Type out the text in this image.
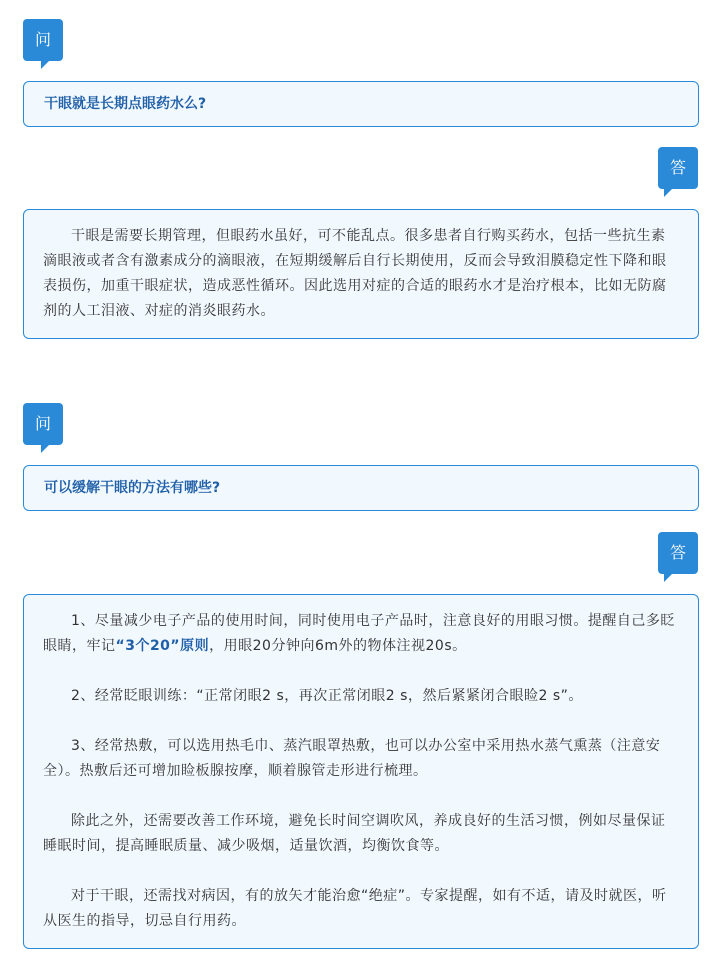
问
干眼就是长期点眼药水么?
答

干眼是需要长期管理，但眼药水虽好，可不能乱点。很多患者自行购买药水，包括一些抗生素滴眼液或者含有激素成分的滴眼液，在短期缓解后自行长期使用，反而会导致泪膜稳定性下降和眼表损伤，加重干眼症状，造成恶性循环。因此选用对症的合适的眼药水才是治疗根本，比如无防腐剂的人工泪液、对症的消炎眼药水。

问
可以缓解干眼的方法有哪些?
答

1、尽量减少电子产品的使用时间，同时使用电子产品时，注意良好的用眼习惯。提醒自己多眨眼睛，牢记“3个20”原则，用眼20分钟向6m外的物体注视20s。

2、经常眨眼训练：“正常闭眼2 s，再次正常闭眼2 s，然后紧紧闭合眼睑2 s”。

3、经常热敷，可以选用热毛巾、蒸汽眼罩热敷，也可以办公室中采用热水蒸气熏蒸（注意安全）。热敷后还可增加睑板腺按摩，顺着腺管走形进行梳理。

除此之外，还需要改善工作环境，避免长时间空调吹风，养成良好的生活习惯，例如尽量保证睡眠时间，提高睡眠质量、减少吸烟，适量饮酒，均衡饮食等。

对于干眼，还需找对病因，有的放矢才能治愈“绝症”。专家提醒，如有不适，请及时就医，听从医生的指导，切忌自行用药。
